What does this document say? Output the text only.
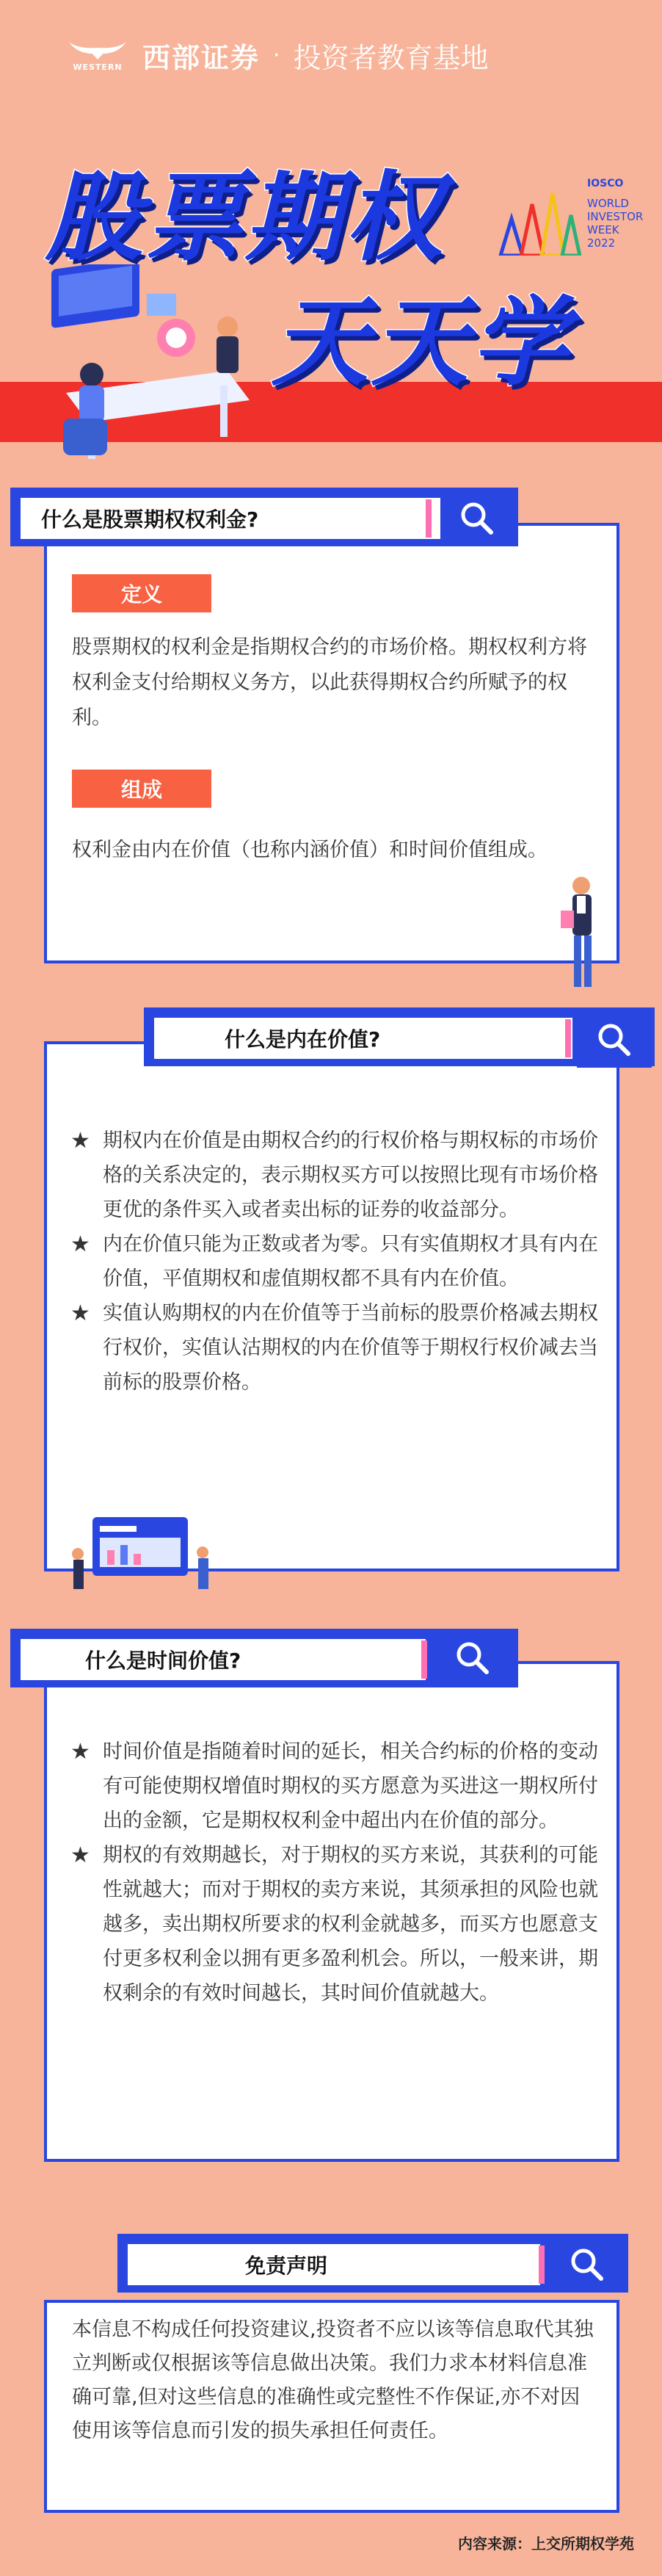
WESTERN 西部证券 · 投资者教育基地
股票期权
天天学
IOSCO
WORLD INVESTOR WEEK 2022
什么是股票期权权利金?
定义
股票期权的权利金是指期权合约的市场价格。期权权利方将权利金支付给期权义务方，以此获得期权合约所赋予的权利。
组成
权利金由内在价值（也称内涵价值）和时间价值组成。
什么是内在价值?
★ 期权内在价值是由期权合约的行权价格与期权标的市场价格的关系决定的，表示期权买方可以按照比现有市场价格更优的条件买入或者卖出标的证券的收益部分。
★ 内在价值只能为正数或者为零。只有实值期权才具有内在价值，平值期权和虚值期权都不具有内在价值。
★ 实值认购期权的内在价值等于当前标的股票价格减去期权行权价，实值认沽期权的内在价值等于期权行权价减去当前标的股票价格。
什么是时间价值?
★ 时间价值是指随着时间的延长，相关合约标的价格的变动有可能使期权增值时期权的买方愿意为买进这一期权所付出的金额，它是期权权利金中超出内在价值的部分。
★ 期权的有效期越长，对于期权的买方来说，其获利的可能性就越大；而对于期权的卖方来说，其须承担的风险也就越多，卖出期权所要求的权利金就越多，而买方也愿意支付更多权利金以拥有更多盈利机会。所以，一般来讲，期权剩余的有效时间越长，其时间价值就越大。
免责声明
本信息不构成任何投资建议,投资者不应以该等信息取代其独立判断或仅根据该等信息做出决策。我们力求本材料信息准确可靠,但对这些信息的准确性或完整性不作保证,亦不对因使用该等信息而引发的损失承担任何责任。
内容来源：上交所期权学苑
